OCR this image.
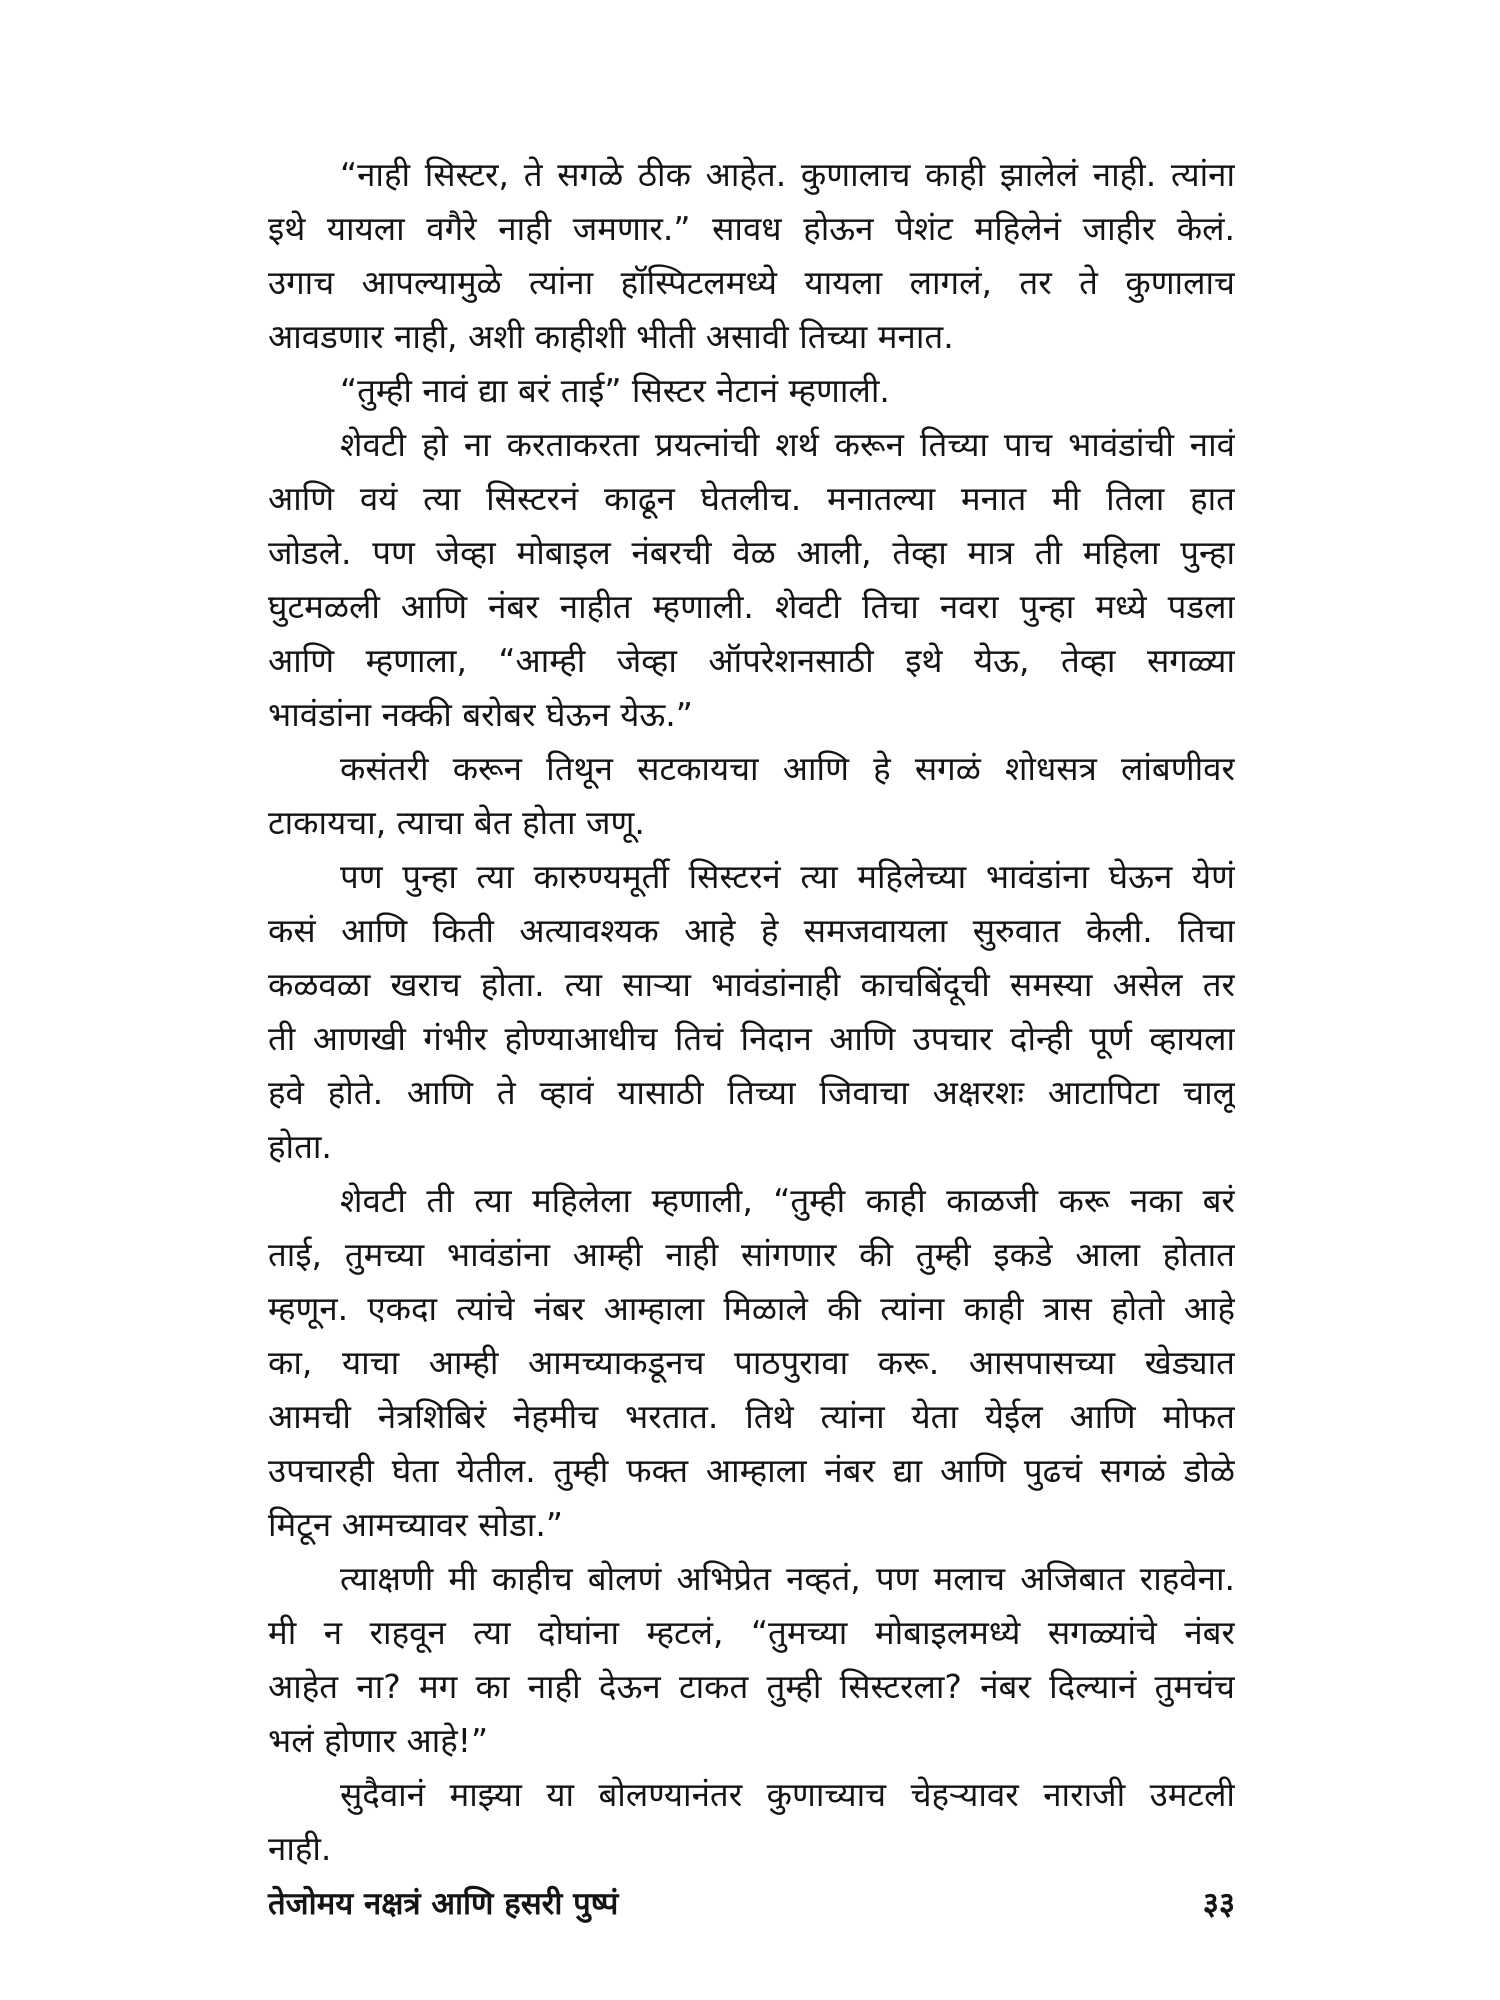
“नाही सिस्टर, ते सगळे ठीक आहेत. कुणालाच काही झालेलं नाही. त्यांना
इथे यायला वगैरे नाही जमणार.” सावध होऊन पेशंट महिलेनं जाहीर केलं.
उगाच आपल्यामुळे त्यांना हॉस्पिटलमध्ये यायला लागलं, तर ते कुणालाच
आवडणार नाही, अशी काहीशी भीती असावी तिच्या मनात.
“तुम्ही नावं द्या बरं ताई” सिस्टर नेटानं म्हणाली.
शेवटी हो ना करताकरता प्रयत्नांची शर्थ करून तिच्या पाच भावंडांची नावं
आणि वयं त्या सिस्टरनं काढून घेतलीच. मनातल्या मनात मी तिला हात
जोडले. पण जेव्हा मोबाइल नंबरची वेळ आली, तेव्हा मात्र ती महिला पुन्हा
घुटमळली आणि नंबर नाहीत म्हणाली. शेवटी तिचा नवरा पुन्हा मध्ये पडला
आणि म्हणाला, “आम्ही जेव्हा ऑपरेशनसाठी इथे येऊ, तेव्हा सगळ्या
भावंडांना नक्की बरोबर घेऊन येऊ.”
कसंतरी करून तिथून सटकायचा आणि हे सगळं शोधसत्र लांबणीवर
टाकायचा, त्याचा बेत होता जणू.
पण पुन्हा त्या कारुण्यमूर्ती सिस्टरनं त्या महिलेच्या भावंडांना घेऊन येणं
कसं आणि किती अत्यावश्यक आहे हे समजवायला सुरुवात केली. तिचा
कळवळा खराच होता. त्या साऱ्या भावंडांनाही काचबिंदूची समस्या असेल तर
ती आणखी गंभीर होण्याआधीच तिचं निदान आणि उपचार दोन्ही पूर्ण व्हायला
हवे होते. आणि ते व्हावं यासाठी तिच्या जिवाचा अक्षरशः आटापिटा चालू
होता.
शेवटी ती त्या महिलेला म्हणाली, “तुम्ही काही काळजी करू नका बरं
ताई, तुमच्या भावंडांना आम्ही नाही सांगणार की तुम्ही इकडे आला होतात
म्हणून. एकदा त्यांचे नंबर आम्हाला मिळाले की त्यांना काही त्रास होतो आहे
का, याचा आम्ही आमच्याकडूनच पाठपुरावा करू. आसपासच्या खेड्यात
आमची नेत्रशिबिरं नेहमीच भरतात. तिथे त्यांना येता येईल आणि मोफत
उपचारही घेता येतील. तुम्ही फक्त आम्हाला नंबर द्या आणि पुढचं सगळं डोळे
मिटून आमच्यावर सोडा.”
त्याक्षणी मी काहीच बोलणं अभिप्रेत नव्हतं, पण मलाच अजिबात राहवेना.
मी न राहवून त्या दोघांना म्हटलं, “तुमच्या मोबाइलमध्ये सगळ्यांचे नंबर
आहेत ना? मग का नाही देऊन टाकत तुम्ही सिस्टरला? नंबर दिल्यानं तुमचंच
भलं होणार आहे!”
सुदैवानं माझ्या या बोलण्यानंतर कुणाच्याच चेहऱ्यावर नाराजी उमटली
नाही.
तेजोमय नक्षत्रं आणि हसरी पुष्पं	३३
